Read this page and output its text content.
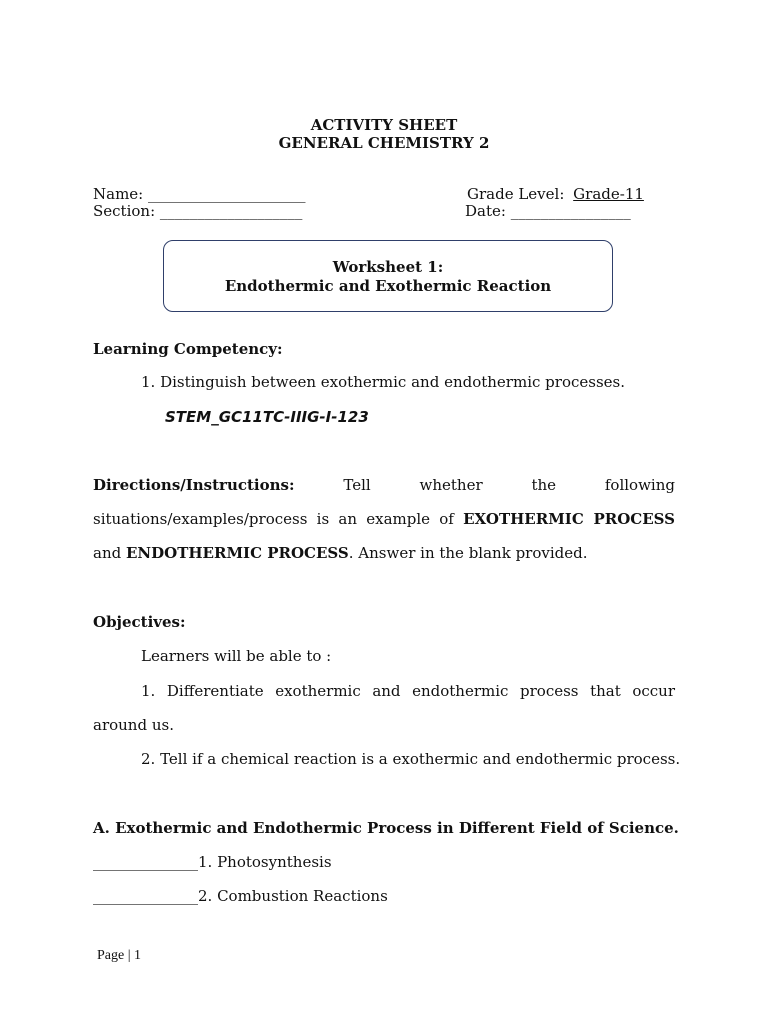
ACTIVITY SHEET
GENERAL CHEMISTRY 2
Name: _____________________
Section: ___________________
Grade Level: Grade-11
Date: ________________
Worksheet 1:
Endothermic and Exothermic Reaction
Learning Competency:
1. Distinguish between exothermic and endothermic processes.
STEM_GC11TC-IIIG-I-123
Directions/Instructions:	Tell whether the following
situations/examples/process is an example of EXOTHERMIC PROCESS
and ENDOTHERMIC PROCESS. Answer in the blank provided.
Objectives:
Learners will be able to :
1. Differentiate exothermic and endothermic process that occur
around us.
2. Tell if a chemical reaction is a exothermic and endothermic process.
A. Exothermic and Endothermic Process in Different Field of Science.
______________1. Photosynthesis
______________2. Combustion Reactions
Page | 1
